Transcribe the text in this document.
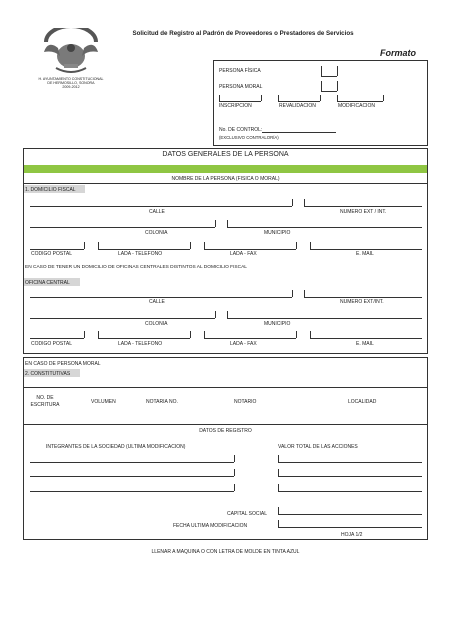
H. AYUNTAMIENTO CONSTITUCIONAL
DE HERMOSILLO, SONORA
2009-2012
Solicitud de Registro al Padrón de Proveedores o Prestadores de Servicios
Formato
PERSONA FÍSICA
PERSONA MORAL
INSCRIPCION	REVALIDACION	MODIFICACION
No. DE CONTROL:
(EXCLUSIVO CONTRALORÍA)
DATOS GENERALES DE LA PERSONA
NOMBRE DE LA PERSONA (FISICA O MORAL)
1. DOMICILIO FISCAL
CALLE	NUMERO EXT / INT.
COLONIA	MUNICIPIO
CODIGO POSTAL	LADA - TELEFONO	LADA - FAX	E. MAIL
EN CASO DE TENER UN DOMICILIO DE OFICINAS CENTRALES DISTINTOS AL DOMICILIO FISCAL
OFICINA CENTRAL
CALLE	NUMERO EXT/INT.
COLONIA	MUNICIPIO
CODIGO POSTAL	LADA - TELEFONO	LADA - FAX	E. MAIL
EN CASO DE PERSONA MORAL
2. CONSTITUTIVAS
NO. DE
ESCRITURA	VOLUMEN	NOTARIA NO.	NOTARIO	LOCALIDAD
DATOS DE REGISTRO
INTEGRANTES DE LA SOCIEDAD (ULTIMA MODIFICACION)	VALOR TOTAL DE LAS ACCIONES
CAPITAL SOCIAL
FECHA ULTIMA MODIFICACION
HOJA 1/2
LLENAR A MAQUINA O CON LETRA DE MOLDE EN TINTA AZUL
